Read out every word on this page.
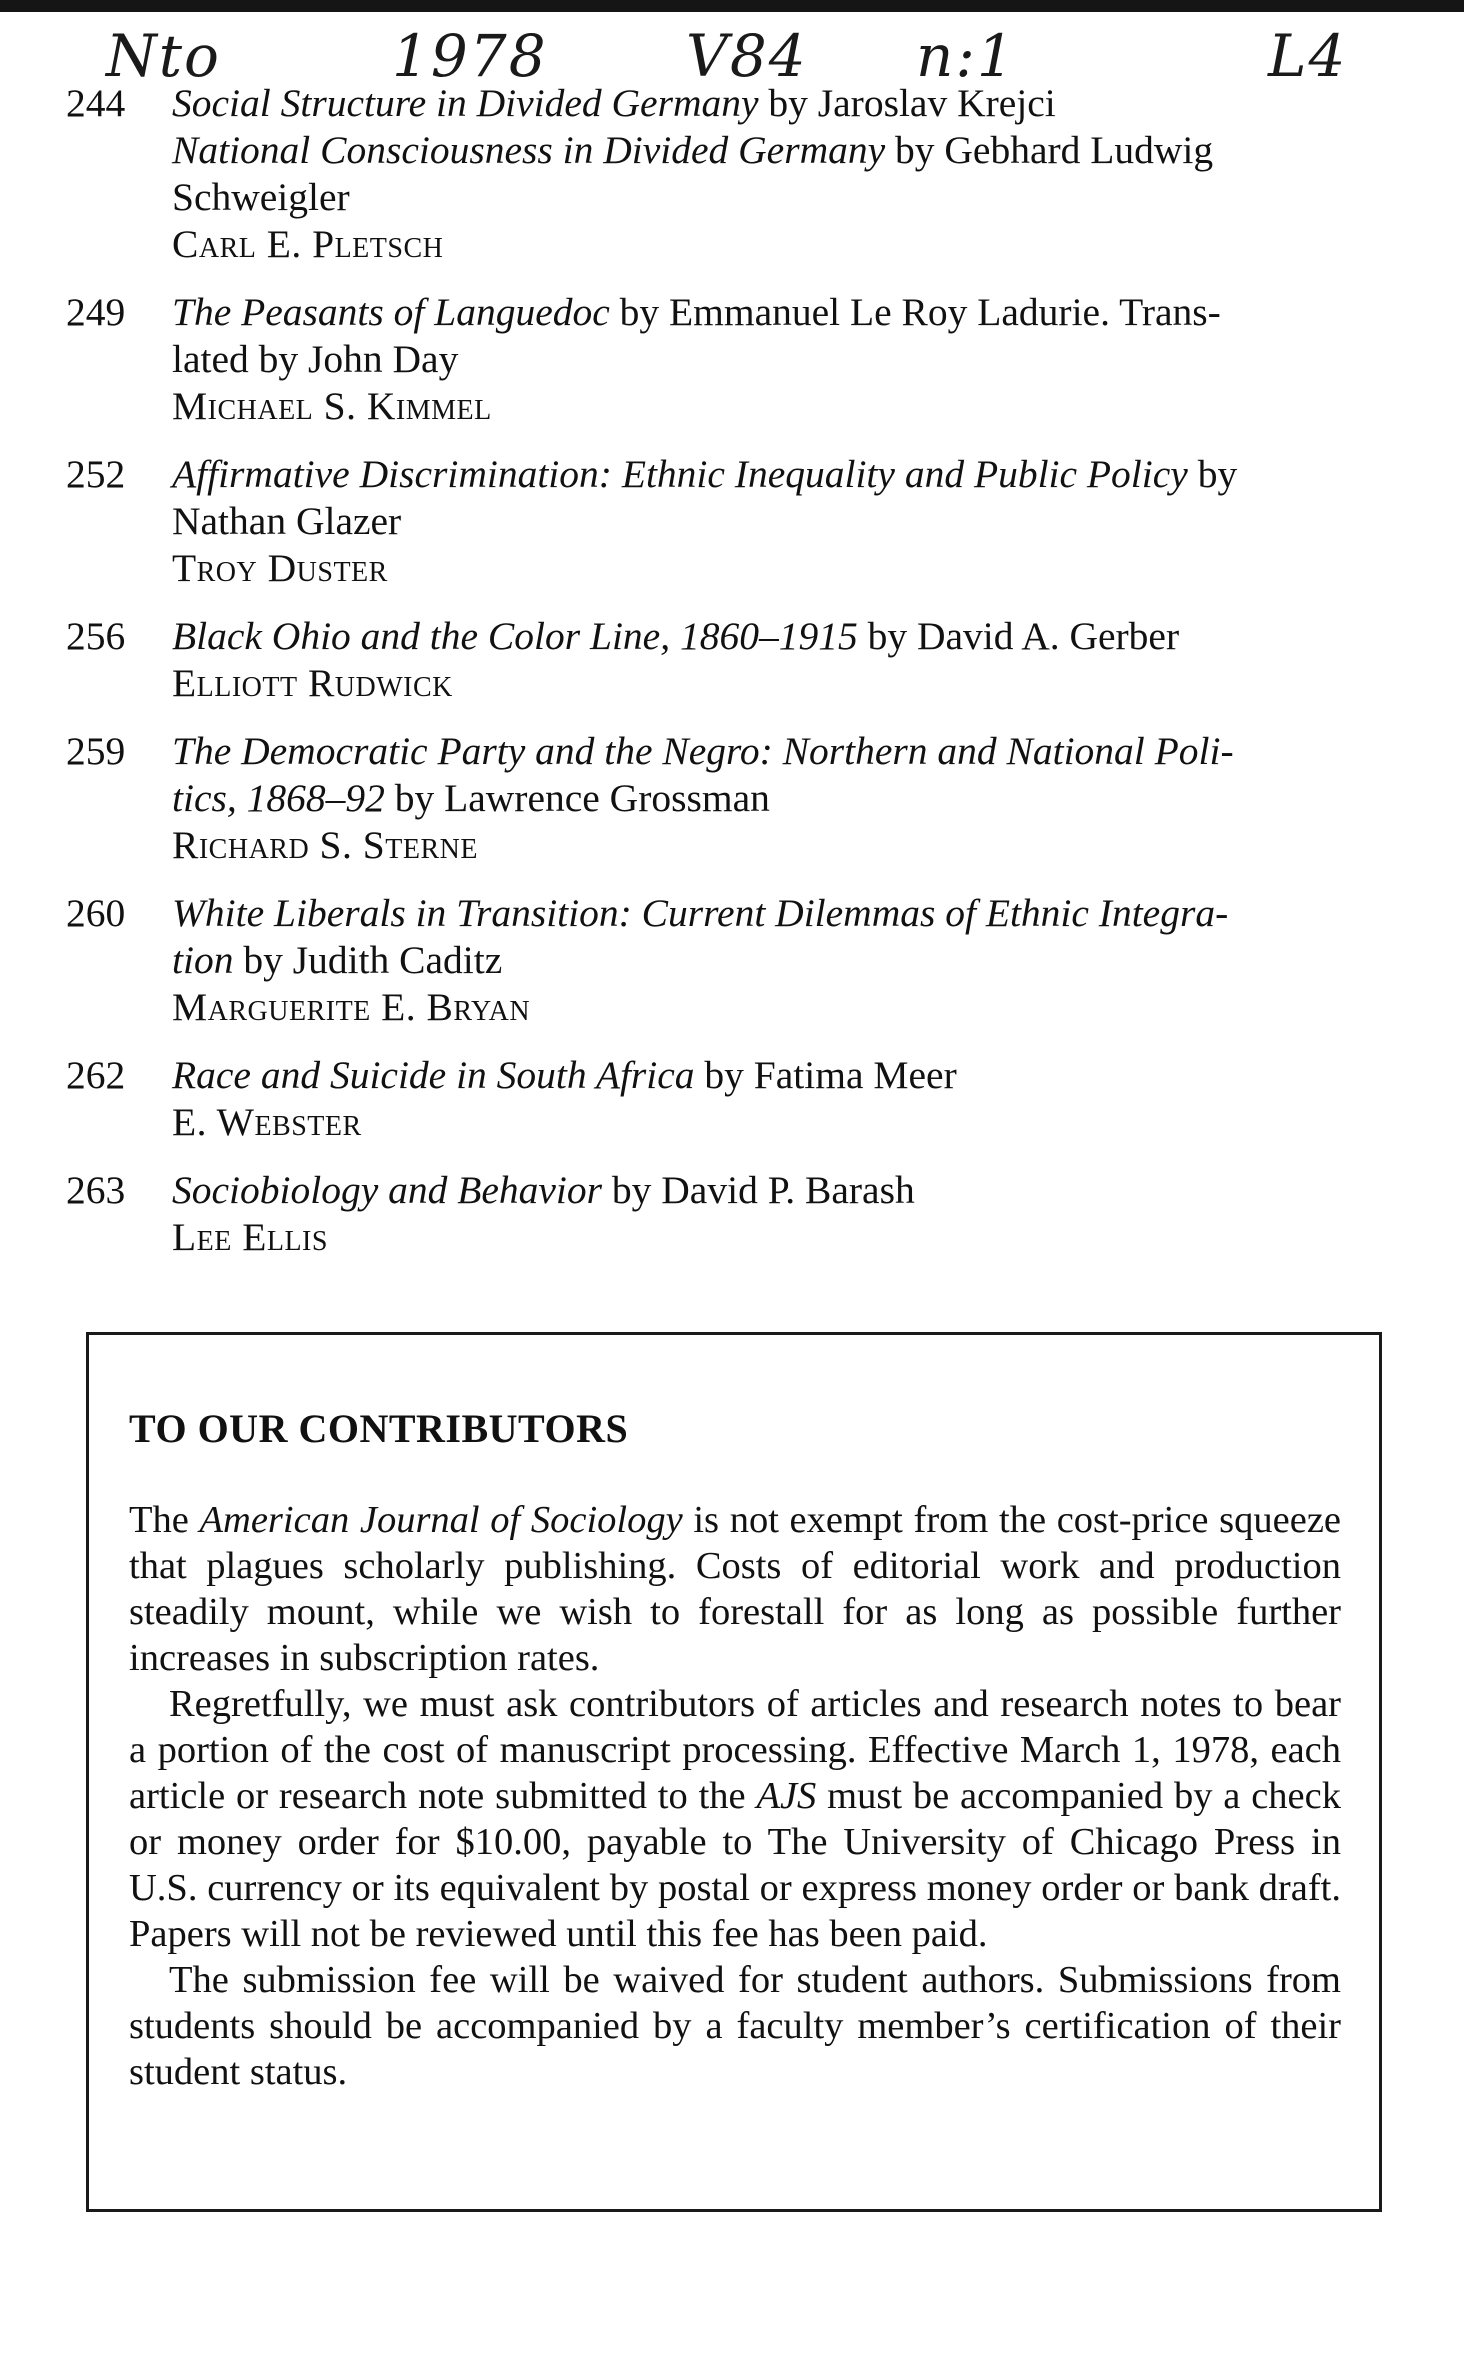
Nto	1978 V84 n:1	L4
244	Social Structure in Divided Germany by Jaroslav Krejci
National Consciousness in Divided Germany by Gebhard Ludwig
Schweigler
Carl E. Pletsch
249	The Peasants of Languedoc by Emmanuel Le Roy Ladurie. Trans-
lated by John Day
Michael S. Kimmel
252	Affirmative Discrimination: Ethnic Inequality and Public Policy by
Nathan Glazer
Troy Duster
256	Black Ohio and the Color Line, 1860–1915 by David A. Gerber
Elliott Rudwick
259	The Democratic Party and the Negro: Northern and National Poli-
tics, 1868–92 by Lawrence Grossman
Richard S. Sterne
260	White Liberals in Transition: Current Dilemmas of Ethnic Integra-
tion by Judith Caditz
Marguerite E. Bryan
262	Race and Suicide in South Africa by Fatima Meer
E. Webster
263	Sociobiology and Behavior by David P. Barash
Lee Ellis
TO OUR CONTRIBUTORS

The American Journal of Sociology is not exempt from the cost-price squeeze that plagues scholarly publishing. Costs of editorial work and production steadily mount, while we wish to forestall for as long as possible further increases in subscription rates.

Regretfully, we must ask contributors of articles and research notes to bear a portion of the cost of manuscript processing. Effective March 1, 1978, each article or research note submitted to the AJS must be accompanied by a check or money order for $10.00, payable to The University of Chicago Press in U.S. currency or its equivalent by postal or express money order or bank draft. Papers will not be reviewed until this fee has been paid.

The submission fee will be waived for student authors. Submissions from students should be accompanied by a faculty member’s certification of their student status.
